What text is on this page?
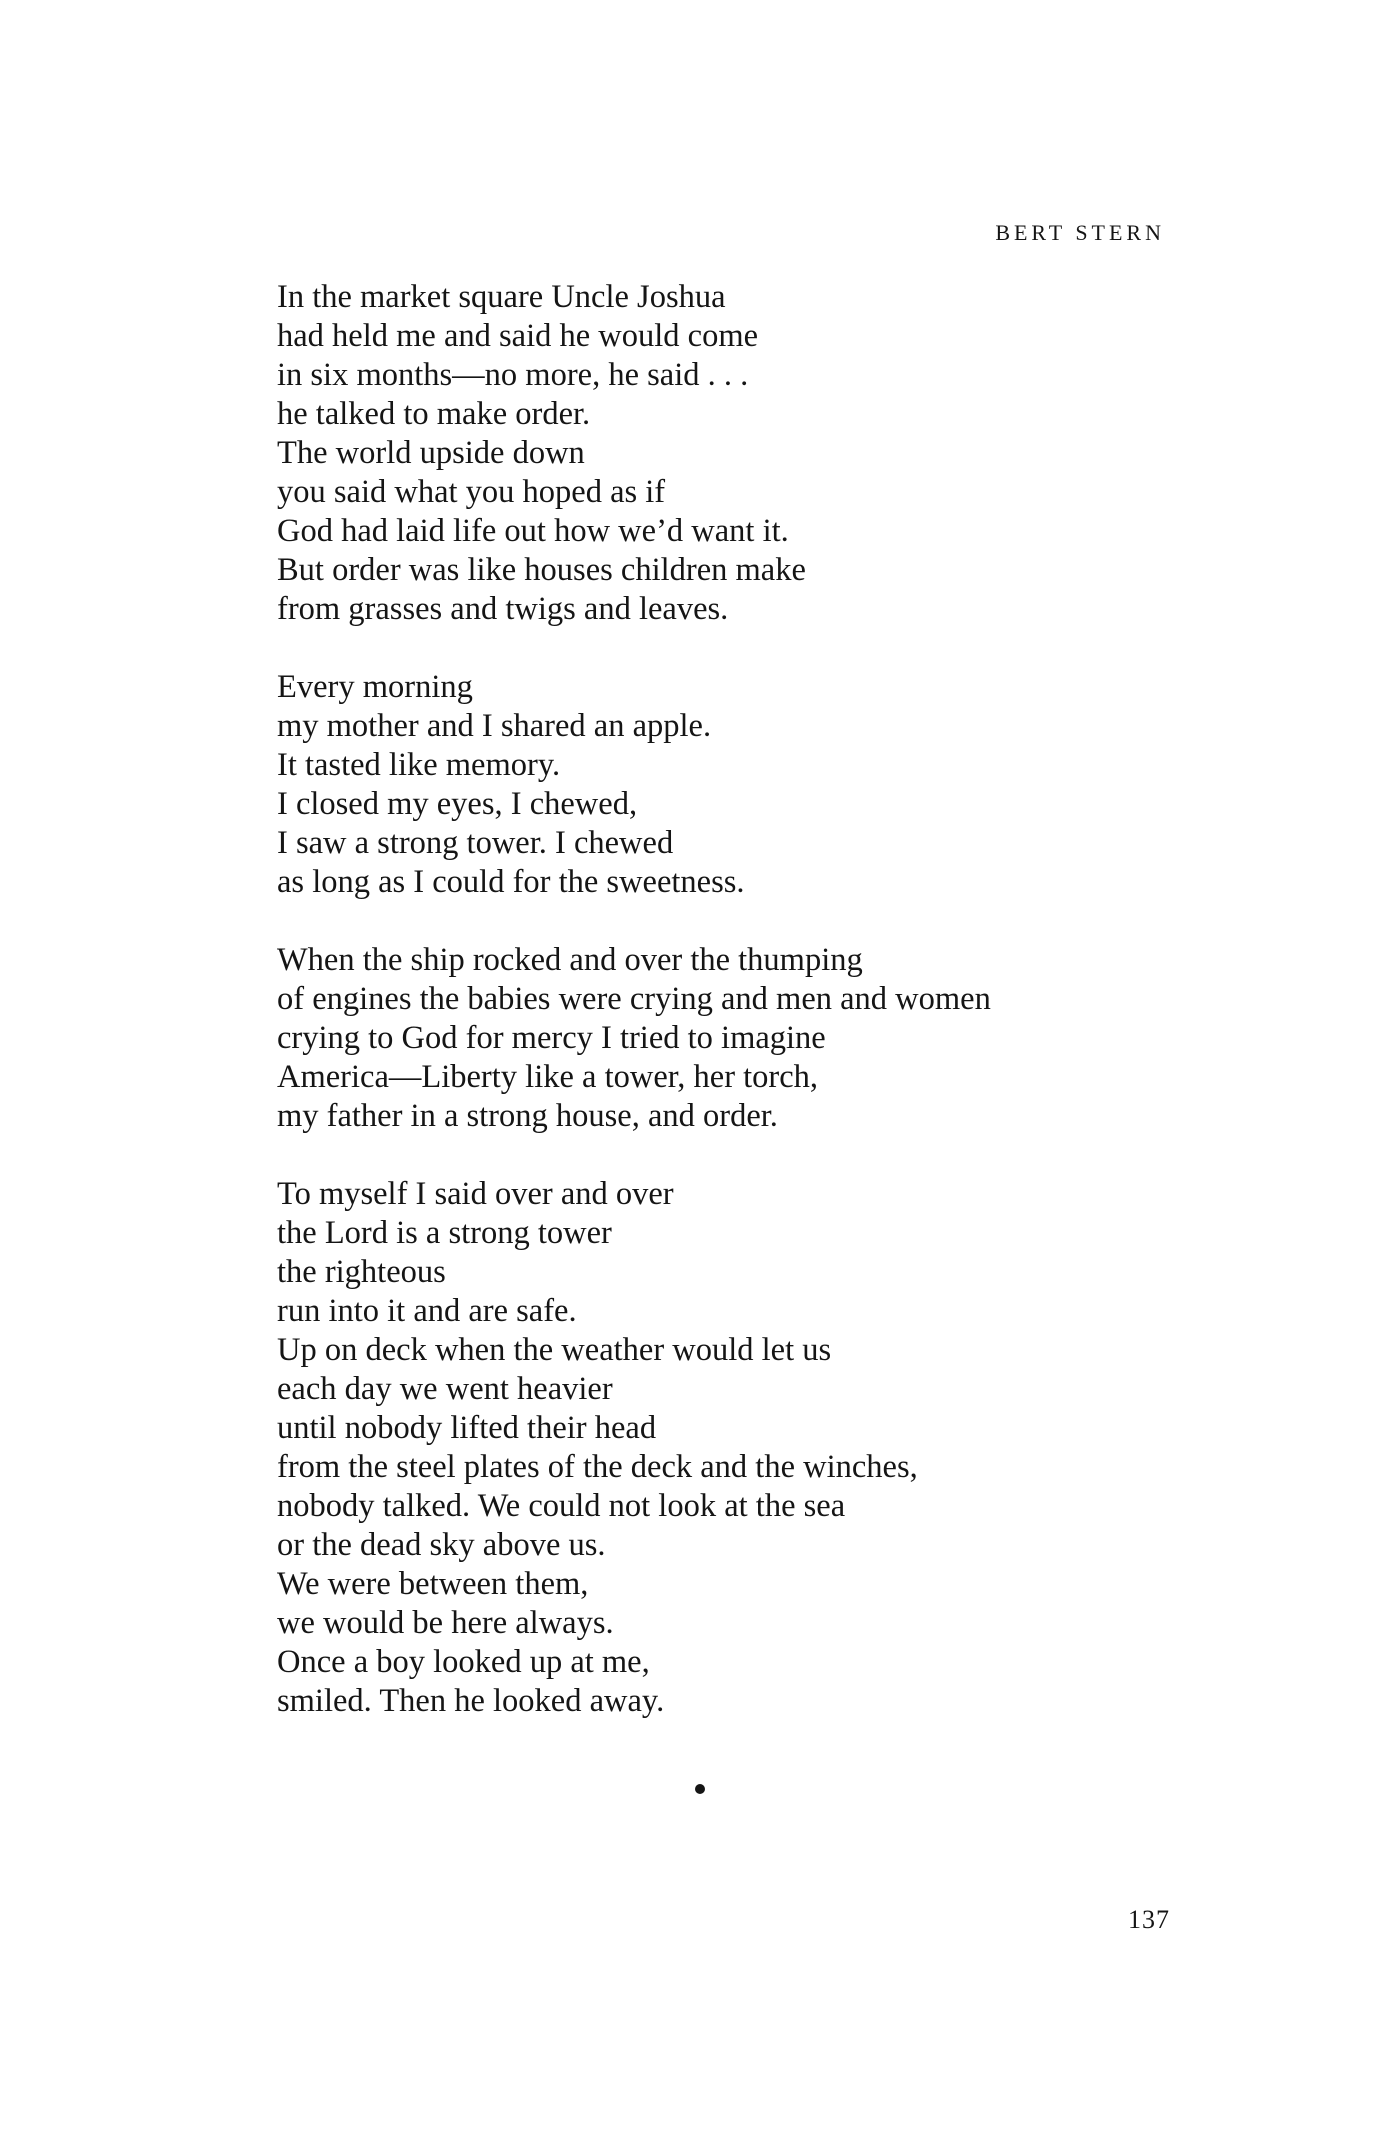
BERT STERN
In the market square Uncle Joshua
had held me and said he would come
in six months—no more, he said . . .
he talked to make order.
The world upside down
you said what you hoped as if
God had laid life out how we’d want it.
But order was like houses children make
from grasses and twigs and leaves.
Every morning
my mother and I shared an apple.
It tasted like memory.
I closed my eyes, I chewed,
I saw a strong tower. I chewed
as long as I could for the sweetness.
When the ship rocked and over the thumping
of engines the babies were crying and men and women
crying to God for mercy I tried to imagine
America—Liberty like a tower, her torch,
my father in a strong house, and order.
To myself I said over and over
the Lord is a strong tower
the righteous
run into it and are safe.
Up on deck when the weather would let us
each day we went heavier
until nobody lifted their head
from the steel plates of the deck and the winches,
nobody talked. We could not look at the sea
or the dead sky above us.
We were between them,
we would be here always.
Once a boy looked up at me,
smiled. Then he looked away.
137
